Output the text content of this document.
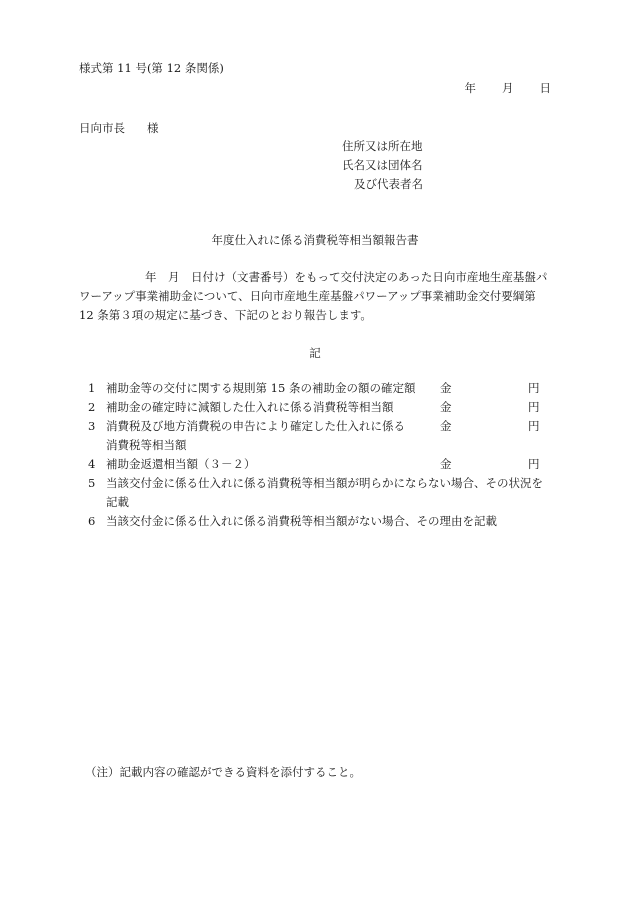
様式第 11 号(第 12 条関係)
年 月 日
日向市長 様
住所又は所在地
氏名又は団体名
及び代表者名
年度仕入れに係る消費税等相当額報告書
年　月　日付け（文書番号）をもって交付決定のあった日向市産地生産基盤パ
ワーアップ事業補助金について、日向市産地生産基盤パワーアップ事業補助金交付要綱第
12 条第３項の規定に基づき、下記のとおり報告します。
記
1 補助金等の交付に関する規則第 15 条の補助金の額の確定額 金	円
2 補助金の確定時に減額した仕入れに係る消費税等相当額	金	円
3 消費税及び地方消費税の申告により確定した仕入れに係る	金	円
消費税等相当額
4 補助金返還相当額（３－２）	金	円
5 当該交付金に係る仕入れに係る消費税等相当額が明らかにならない場合、その状況を
記載
6 当該交付金に係る仕入れに係る消費税等相当額がない場合、その理由を記載
（注）記載内容の確認ができる資料を添付すること。
